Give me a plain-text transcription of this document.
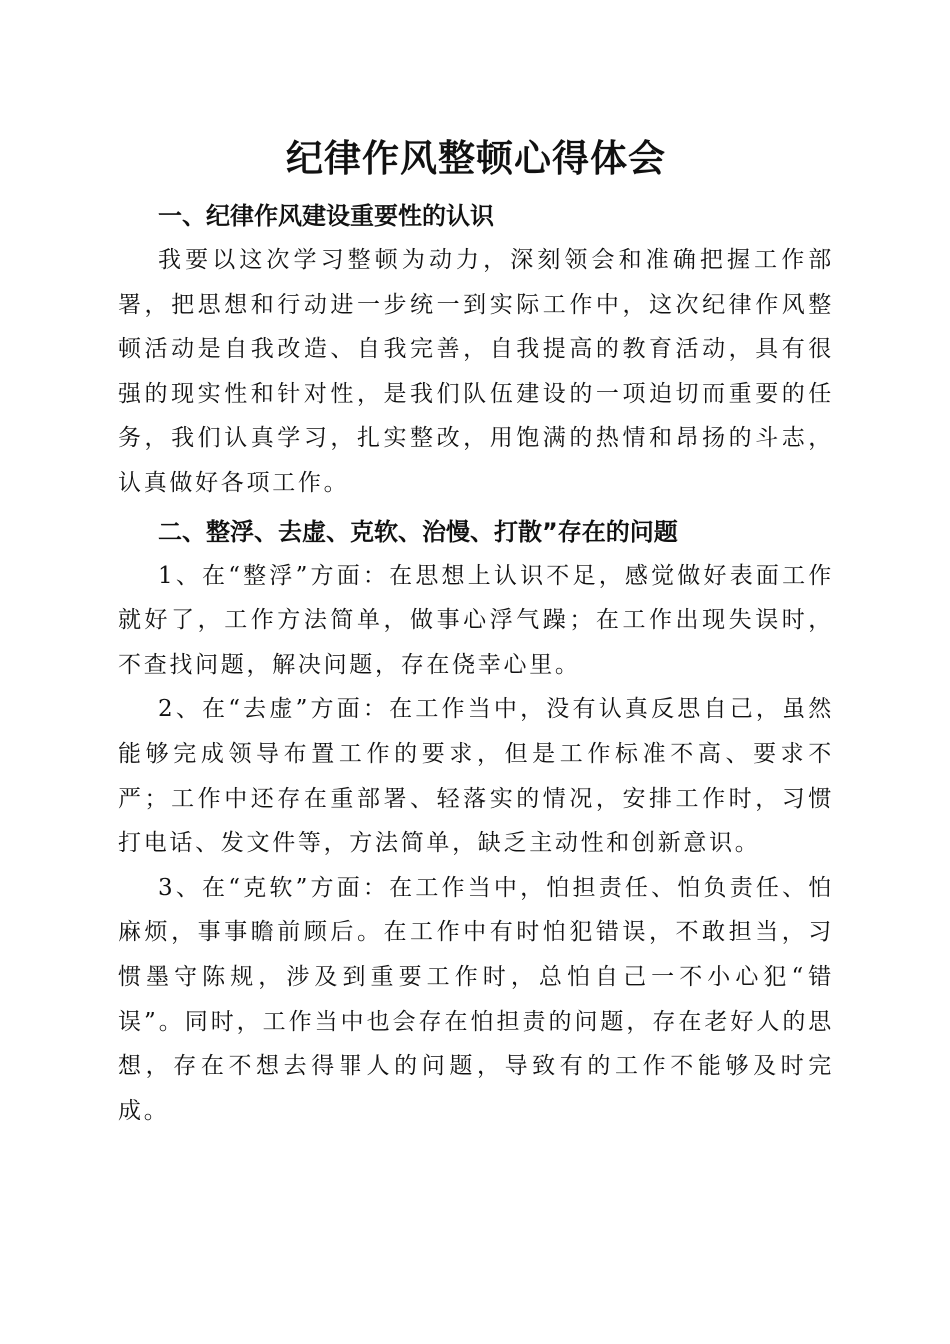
纪律作风整顿心得体会
一、纪律作风建设重要性的认识

我要以这次学习整顿为动力，深刻领会和准确把握工作部署，把思想和行动进一步统一到实际工作中，这次纪律作风整顿活动是自我改造、自我完善，自我提高的教育活动，具有很强的现实性和针对性，是我们队伍建设的一项迫切而重要的任务，我们认真学习，扎实整改，用饱满的热情和昂扬的斗志，认真做好各项工作。

二、整浮、去虚、克软、治慢、打散”存在的问题

1、在“整浮”方面：在思想上认识不足，感觉做好表面工作就好了，工作方法简单，做事心浮气躁；在工作出现失误时，不查找问题，解决问题，存在侥幸心里。

2、在“去虚”方面：在工作当中，没有认真反思自己，虽然能够完成领导布置工作的要求，但是工作标准不高、要求不严；工作中还存在重部署、轻落实的情况，安排工作时，习惯打电话、发文件等，方法简单，缺乏主动性和创新意识。

3、在“克软”方面：在工作当中，怕担责任、怕负责任、怕麻烦，事事瞻前顾后。在工作中有时怕犯错误，不敢担当，习惯墨守陈规，涉及到重要工作时，总怕自己一不小心犯“错误”。同时，工作当中也会存在怕担责的问题，存在老好人的思想，存在不想去得罪人的问题，导致有的工作不能够及时完成。
